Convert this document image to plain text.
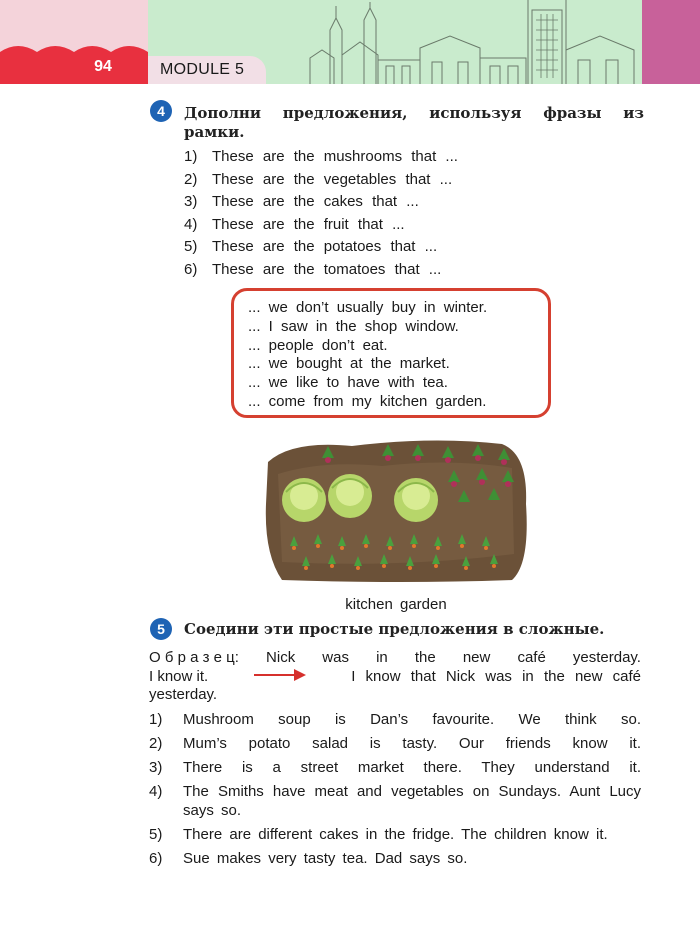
94	MODULE 5
4	Дополни предложения, используя фразы из
рамки.
1) These are the mushrooms that ...
2) These are the vegetables that ...
3) These are the cakes that ...
4) These are the fruit that ...
5) These are the potatoes that ...
6) These are the tomatoes that ...
... we don’t usually buy in winter.
... I saw in the shop window.
... people don’t eat.
... we bought at the market.
... we like to have with tea.
... come from my kitchen garden.
kitchen garden
5	Соедини эти простые предложения в сложные.
О б р а з е ц: Nick was in the new café yesterday.
I know it.	I know that Nick was in the new café
yesterday.
1)	Mushroom soup is Dan’s favourite. We think so.
2)	Mum’s potato salad is tasty. Our friends know it.
3)	There is a street market there. They understand it.
4)	The Smiths have meat and vegetables on Sundays. Aunt Lucy says so.
5)	There are different cakes in the fridge. The children know it.
6)	Sue makes very tasty tea. Dad says so.
